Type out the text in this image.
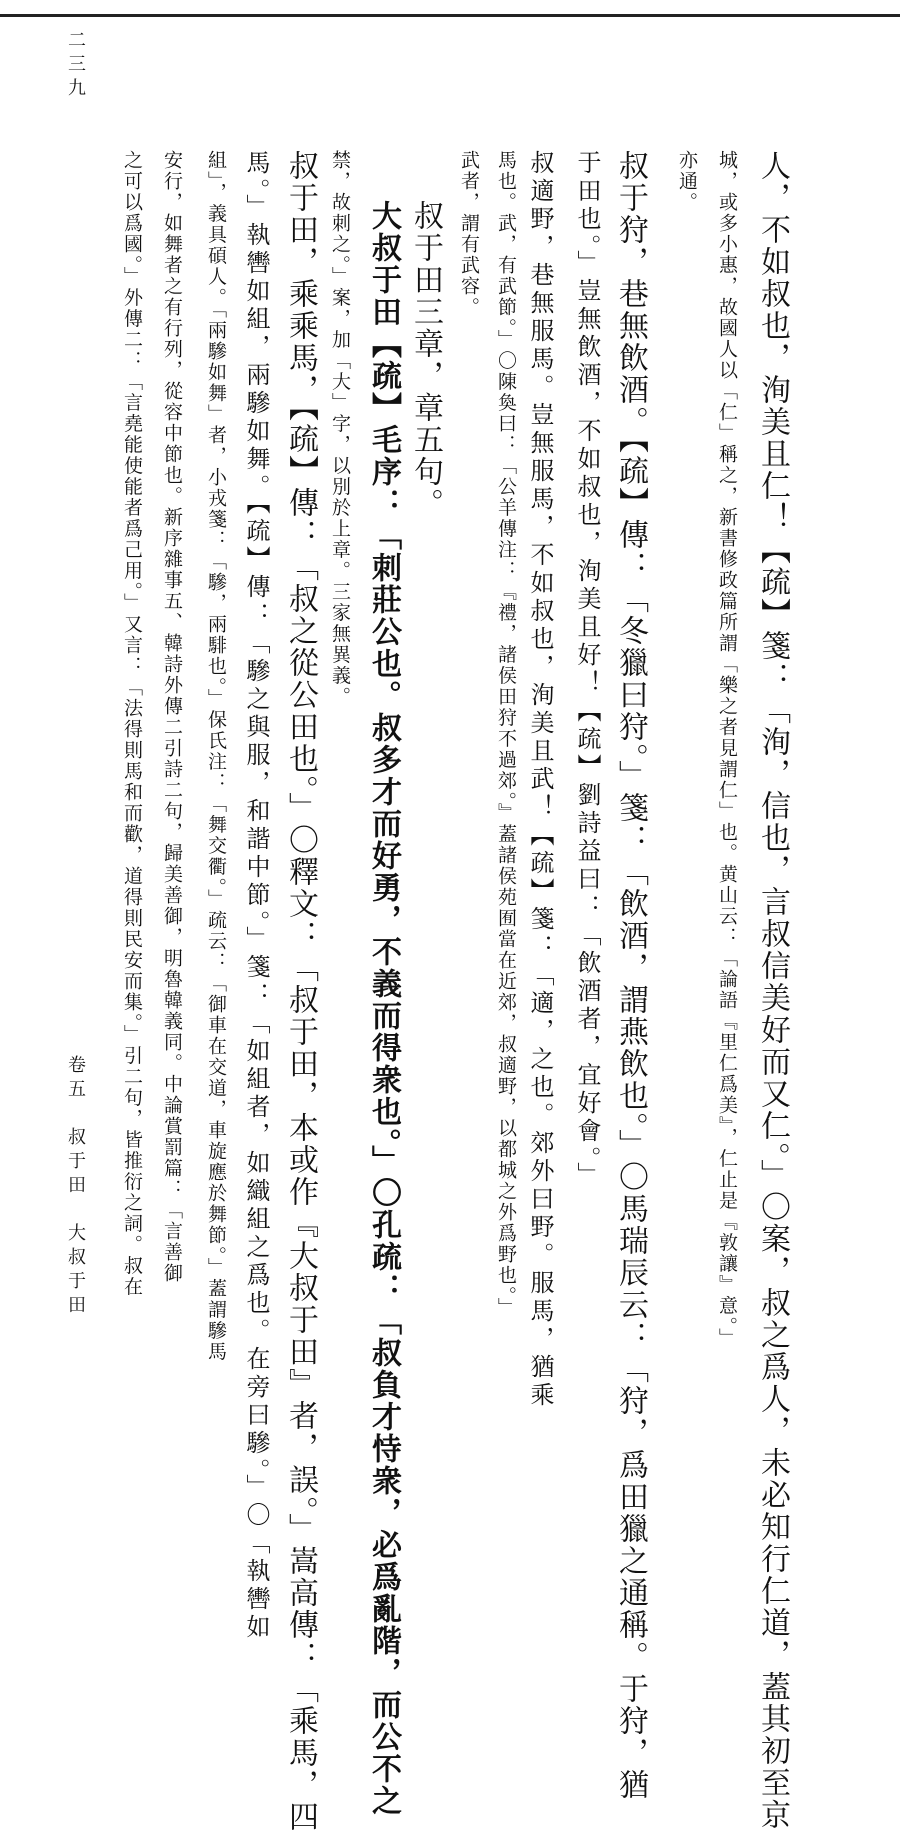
人，不如叔也，洵美且仁！【疏】箋：「洵，信也，言叔信美好而又仁。」〇案，叔之爲人，未必知行仁道，蓋其初至京
城，或多小惠，故國人以「仁」稱之，新書修政篇所謂「樂之者見謂仁」也。黄山云：「論語『里仁爲美』，仁止是『敦讓』意。」
亦通。
叔于狩，巷無飲酒。【疏】傳：「冬獵曰狩。」箋：「飲酒，謂燕飲也。」〇馬瑞辰云：「狩，爲田獵之通稱。于狩，猶
于田也。」豈無飲酒，不如叔也，洵美且好！【疏】劉詩益曰：「飲酒者，宜好會。」
叔適野，巷無服馬。豈無服馬，不如叔也，洵美且武！【疏】箋：「適，之也。郊外曰野。服馬，猶乘
馬也。武，有武節。」〇陳奐曰：「公羊傳注：『禮，諸侯田狩不過郊。』蓋諸侯苑囿當在近郊，叔適野，以都城之外爲野也。」
武者，謂有武容。
叔于田三章，章五句。
大叔于田【疏】毛序：「刺莊公也。叔多才而好勇，不義而得衆也。」〇孔疏：「叔負才恃衆，必爲亂階，而公不之
禁，故刺之。」案，加「大」字，以別於上章。三家無異義。
叔于田，乘乘馬，【疏】傳：「叔之從公田也。」〇釋文：「叔于田，本或作『大叔于田』者，誤。」嵩高傳：「乘馬，四
馬。」執轡如組，兩驂如舞。【疏】傳：「驂之與服，和諧中節。」箋：「如組者，如織組之爲也。在旁曰驂。」〇「執轡如
組」，義具碩人。「兩驂如舞」者，小戎箋：「驂，兩騑也。」保氏注：「舞交衢。」疏云：「御車在交道，車旋應於舞節。」蓋謂驂馬
安行，如舞者之有行列，從容中節也。新序雜事五、韓詩外傳二引詩二句，歸美善御，明魯韓義同。中論賞罰篇：「言善御
之可以爲國。」外傳二：「言堯能使能者爲己用。」又言：「法得則馬和而歡，道得則民安而集。」引二句，皆推衍之詞。叔在
卷五　叔于田　大叔于田
二三九
